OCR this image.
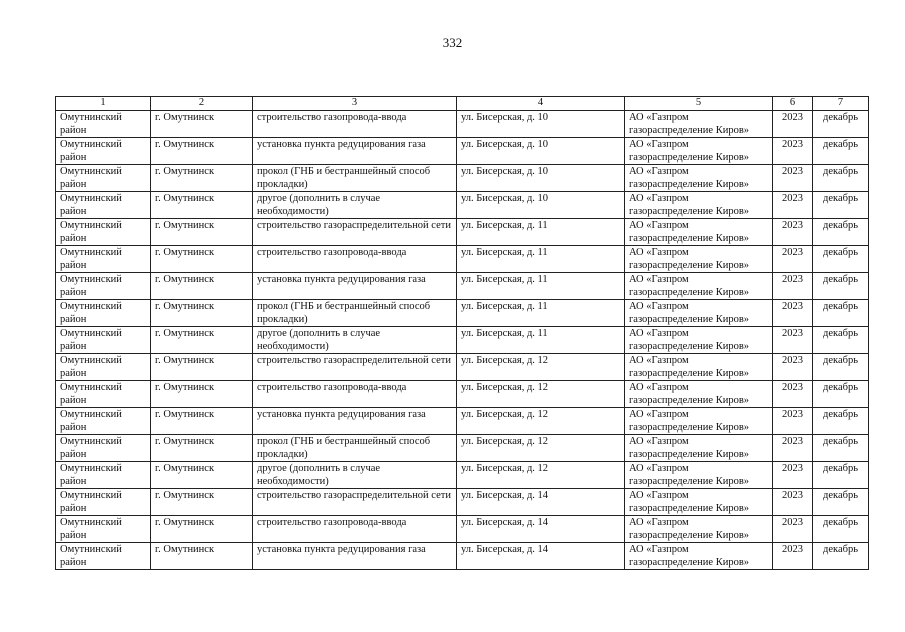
332
1	2	3	4	5	6	7
Омутнинский район	г. Омутнинск	строительство газопровода-ввода	ул. Бисерская, д. 10	АО «Газпром газораспределение Киров»	2023	декабрь
Омутнинский район	г. Омутнинск	установка пункта редуцирования газа	ул. Бисерская, д. 10	АО «Газпром газораспределение Киров»	2023	декабрь
Омутнинский район	г. Омутнинск	прокол (ГНБ и бестраншейный способ прокладки)	ул. Бисерская, д. 10	АО «Газпром газораспределение Киров»	2023	декабрь
Омутнинский район	г. Омутнинск	другое (дополнить в случае необходимости)	ул. Бисерская, д. 10	АО «Газпром газораспределение Киров»	2023	декабрь
Омутнинский район	г. Омутнинск	строительство газораспределительной сети	ул. Бисерская, д. 11	АО «Газпром газораспределение Киров»	2023	декабрь
Омутнинский район	г. Омутнинск	строительство газопровода-ввода	ул. Бисерская, д. 11	АО «Газпром газораспределение Киров»	2023	декабрь
Омутнинский район	г. Омутнинск	установка пункта редуцирования газа	ул. Бисерская, д. 11	АО «Газпром газораспределение Киров»	2023	декабрь
Омутнинский район	г. Омутнинск	прокол (ГНБ и бестраншейный способ прокладки)	ул. Бисерская, д. 11	АО «Газпром газораспределение Киров»	2023	декабрь
Омутнинский район	г. Омутнинск	другое (дополнить в случае необходимости)	ул. Бисерская, д. 11	АО «Газпром газораспределение Киров»	2023	декабрь
Омутнинский район	г. Омутнинск	строительство газораспределительной сети	ул. Бисерская, д. 12	АО «Газпром газораспределение Киров»	2023	декабрь
Омутнинский район	г. Омутнинск	строительство газопровода-ввода	ул. Бисерская, д. 12	АО «Газпром газораспределение Киров»	2023	декабрь
Омутнинский район	г. Омутнинск	установка пункта редуцирования газа	ул. Бисерская, д. 12	АО «Газпром газораспределение Киров»	2023	декабрь
Омутнинский район	г. Омутнинск	прокол (ГНБ и бестраншейный способ прокладки)	ул. Бисерская, д. 12	АО «Газпром газораспределение Киров»	2023	декабрь
Омутнинский район	г. Омутнинск	другое (дополнить в случае необходимости)	ул. Бисерская, д. 12	АО «Газпром газораспределение Киров»	2023	декабрь
Омутнинский район	г. Омутнинск	строительство газораспределительной сети	ул. Бисерская, д. 14	АО «Газпром газораспределение Киров»	2023	декабрь
Омутнинский район	г. Омутнинск	строительство газопровода-ввода	ул. Бисерская, д. 14	АО «Газпром газораспределение Киров»	2023	декабрь
Омутнинский район	г. Омутнинск	установка пункта редуцирования газа	ул. Бисерская, д. 14	АО «Газпром газораспределение Киров»	2023	декабрь
